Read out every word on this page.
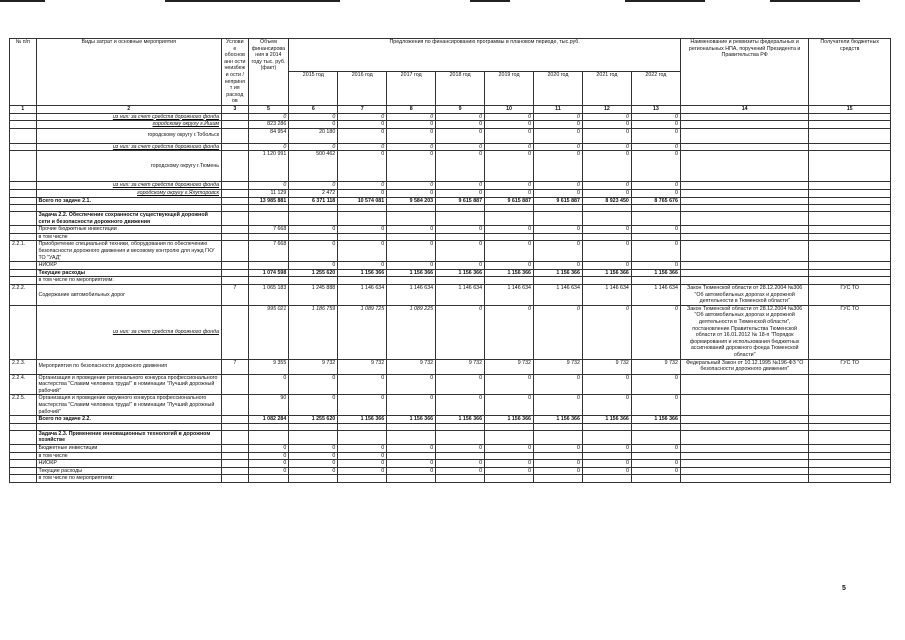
№ п/п	Виды затрат и основные мероприятия	Услови е обоснованн ости неизбежи ости / непринят ия расход ов	Объем финансирования в 2014 году тыс. руб. (факт)	Предложения по финансированию программы в плановом периоде, тыс.руб.								Наименование и реквизиты федеральных и региональных НПА, поручений Президента и Правительства РФ	Получатели бюджетных средств
				2015 год	2016 год	2017 год	2018 год	2019 год	2020 год	2021 год	2022 год		
1	2	3	5	6	7	8	9	10	11	12	13	14	15
	из них: за счет средств дорожного фонда		0	0	0	0	0	0	0	0	0		
	городскому округу г.Ишим		823 286	0	0	0	0	0	0	0	0		
	городскому округу г.Тобольск		84 954	20 180	0	0	0	0	0	0	0		
	из них: за счет средств дорожного фонда		0	0	0	0	0	0	0	0	0		
	городскому округу г.Тюмень		1 120 991	500 462	0	0	0	0	0	0	0		
	из них: за счет средств дорожного фонда		0	0	0	0	0	0	0	0	0		
	городскому округу г.Ялуторовск		11 129	2 472	0	0	0	0	0	0	0		
	Всего по задаче 2.1.		13 985 881	6 371 118	10 574 081	9 584 203	9 615 887	9 615 887	9 615 887	8 923 450	8 765 676		

	Задача 2.2. Обеспечение сохранности существующей дорожной сети и безопасности дорожного движения												
	Прочие бюджетные инвестиции		7 668	0	0	0	0	0	0	0	0		
	в том числе												
2.2.1.	Приобретение специальной техники, оборудования по обеспечению безопасности дорожного движения и весовому контролю для нужд ГКУ ТО "УАД"		7 668	0	0	0	0	0	0	0	0		
	НИОКР			0	0	0	0	0	0	0	0		
	Текущие расходы		1 074 598	1 255 620	1 156 366	1 156 366	1 156 366	1 156 366	1 156 366	1 156 366	1 156 366		
	в том числе по мероприятиям:												
2.2.2.	Содержание автомобильных дорог	7	1 065 183	1 245 888	1 146 634	1 146 634	1 146 634	1 146 634	1 146 634	1 146 634	1 146 634	Закон Тюменской области от 28.12.2004 №306 "Об автомобильных дорогах и дорожной деятельности в Тюменской области"	ГУС ТО
	из них: за счет средств дорожного фонда		995 021	1 186 759	1 089 725	1 089 225	0	0	0	0	0	Закон Тюменской области от 28.12.2004 №306 "Об автомобильных дорогах и дорожной деятельности в Тюменской области", постановление Правительства Тюменской области от 16.01.2012 № 18-п "Порядок формирования и использования бюджетных ассигнований дорожного фонда Тюменской области"	ГУС ТО
2.2.3.	Мероприятия по безопасности дорожного движения	7	9 355	9 732	9 732	9 732	9 732	9 732	9 732	9 732	9 732	Федеральный Закон от 10.12.1995 №196-ФЗ "О безопасности дорожного движения"	ГУС ТО
2.2.4.	Организация и проведение регионального конкурса профессионального мастерства "Славим человека труда!" в номинации "Лучший дорожный рабочий"		0	0	0	0	0	0	0	0	0		
2.2.5.	Организация и проведение окружного конкурса профессионального мастерства "Славим человека труда!" в номинации "Лучший дорожный рабочий"		90	0	0	0	0	0	0	0	0		
	Всего по задаче 2.2.		1 082 284	1 255 620	1 156 366	1 156 366	1 156 366	1 156 366	1 156 366	1 156 366	1 156 366		

	Задача 2.3. Применение инновационных технологий в дорожном хозяйстве												
	Бюджетные инвестиции		0	0	0	0	0	0	0	0	0		
	в том числе		0	0	0								
	НИОКР		0	0	0	0	0	0	0	0	0		
	Текущие расходы		0	0	0	0	0	0	0	0	0		
	в том числе по мероприятиям:												
5
